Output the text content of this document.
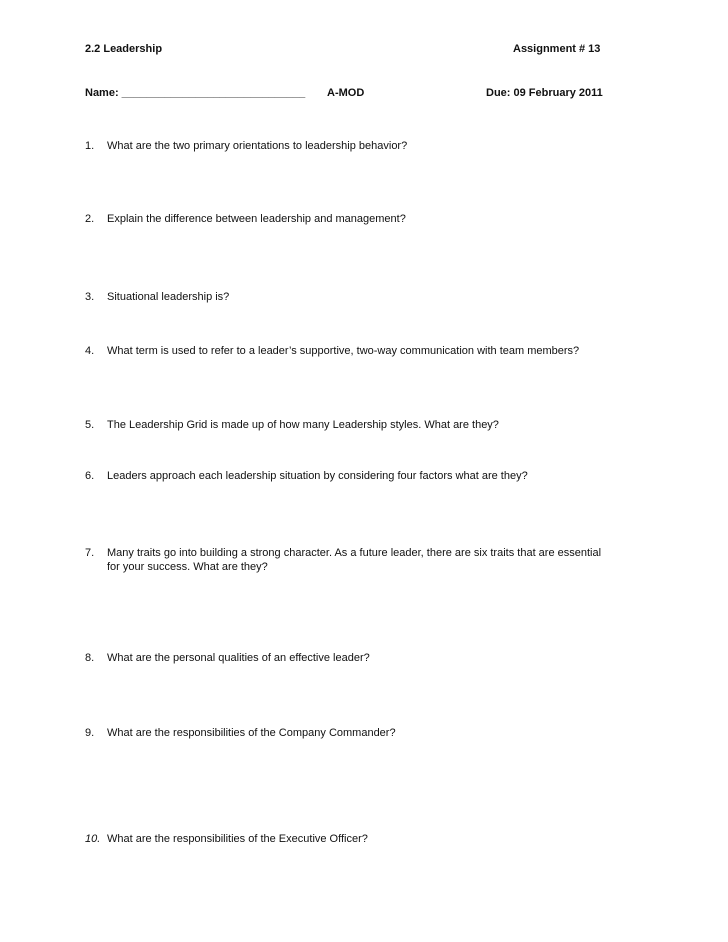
2.2 Leadership	Assignment # 13
Name: ______________________________ A-MOD	Due: 09 February 2011
1.	What are the two primary orientations to leadership behavior?
2.	Explain the difference between leadership and management?
3.	Situational leadership is?
4.	What term is used to refer to a leader’s supportive, two-way communication with team members?
5.	The Leadership Grid is made up of how many Leadership styles. What are they?
6.	Leaders approach each leadership situation by considering four factors what are they?
7.	Many traits go into building a strong character. As a future leader, there are six traits that are essential for your success. What are they?
8.	What are the personal qualities of an effective leader?
9.	What are the responsibilities of the Company Commander?
10. What are the responsibilities of the Executive Officer?
